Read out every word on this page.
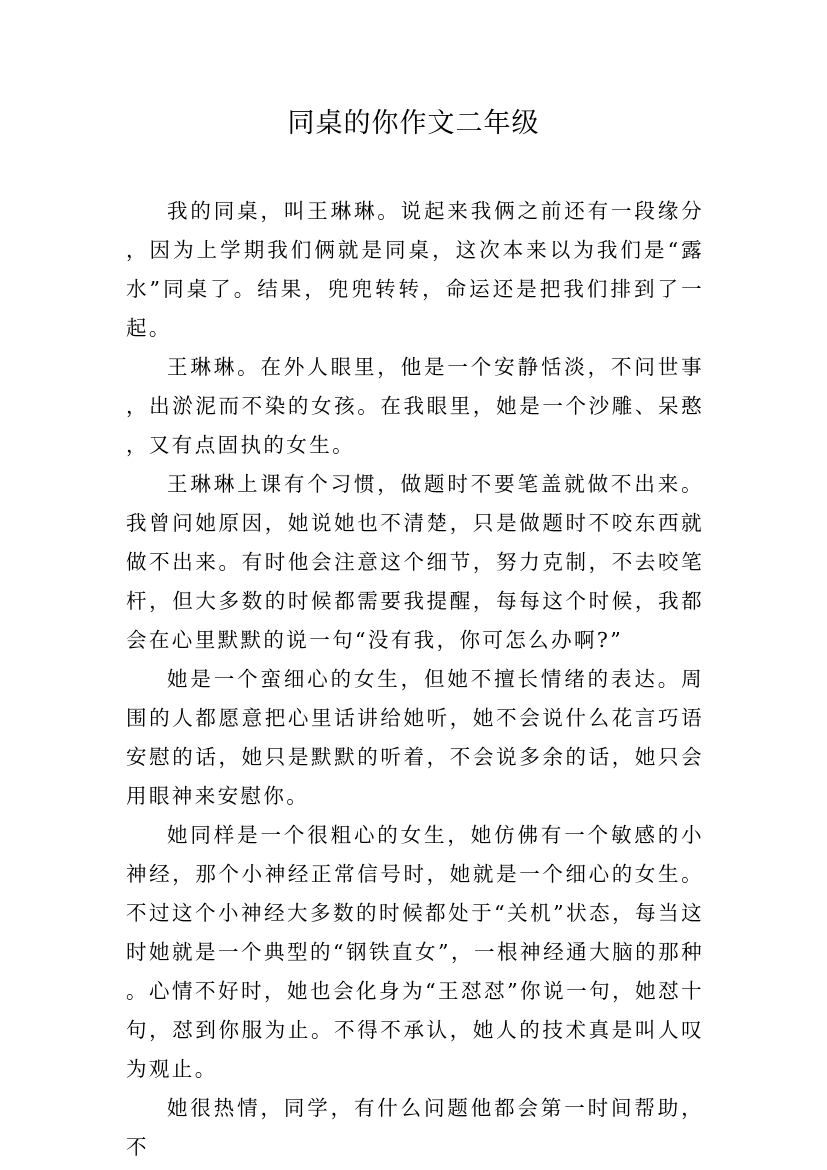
同桌的你作文二年级

我的同桌，叫王琳琳。说起来我俩之前还有一段缘分，因为上学期我们俩就是同桌，这次本来以为我们是“露水”同桌了。结果，兜兜转转，命运还是把我们排到了一起。

王琳琳。在外人眼里，他是一个安静恬淡，不问世事，出淤泥而不染的女孩。在我眼里，她是一个沙雕、呆憨，又有点固执的女生。

王琳琳上课有个习惯，做题时不要笔盖就做不出来。我曾问她原因，她说她也不清楚，只是做题时不咬东西就做不出来。有时他会注意这个细节，努力克制，不去咬笔杆，但大多数的时候都需要我提醒，每每这个时候，我都会在心里默默的说一句“没有我，你可怎么办啊?”

她是一个蛮细心的女生，但她不擅长情绪的表达。周围的人都愿意把心里话讲给她听，她不会说什么花言巧语安慰的话，她只是默默的听着，不会说多余的话，她只会用眼神来安慰你。

她同样是一个很粗心的女生，她仿佛有一个敏感的小神经，那个小神经正常信号时，她就是一个细心的女生。不过这个小神经大多数的时候都处于“关机”状态，每当这时她就是一个典型的“钢铁直女”，一根神经通大脑的那种。心情不好时，她也会化身为“王怼怼”你说一句，她怼十句，怼到你服为止。不得不承认，她人的技术真是叫人叹为观止。

她很热情，同学，有什么问题他都会第一时间帮助，不
